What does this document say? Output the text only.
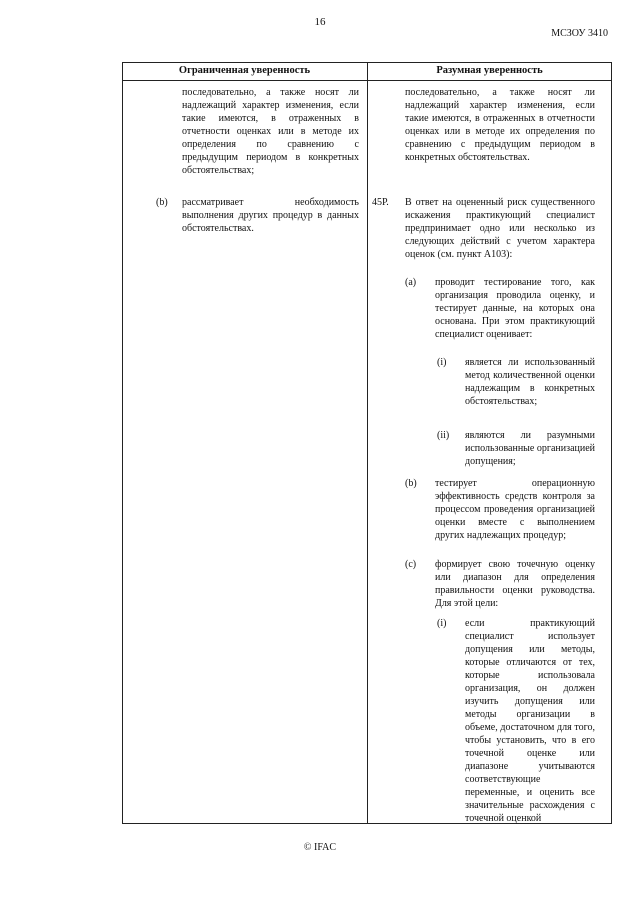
16
МСЗОУ 3410
Ограниченная уверенность	Разумная уверенность
последовательно, а также носят ли надлежащий характер изменения, если такие имеются, в отраженных в отчетности оценках или в методе их определения по сравнению с предыдущим периодом в конкретных обстоятельствах;
(b) рассматривает необходимость выполнения других процедур в данных обстоятельствах.
последовательно, а также носят ли надлежащий характер изменения, если такие имеются, в отраженных в отчетности оценках или в методе их определения по сравнению с предыдущим периодом в конкретных обстоятельствах.
45Р. В ответ на оцененный риск существенного искажения практикующий специалист предпринимает одно или несколько из следующих действий с учетом характера оценок (см. пункт А103):
(a) проводит тестирование того, как организация проводила оценку, и тестирует данные, на которых она основана. При этом практикующий специалист оценивает:
(i) является ли использованный метод количественной оценки надлежащим в конкретных обстоятельствах;
(ii) являются ли разумными использованные организацией допущения;
(b) тестирует операционную эффективность средств контроля за процессом проведения организацией оценки вместе с выполнением других надлежащих процедур;
(c) формирует свою точечную оценку или диапазон для определения правильности оценки руководства. Для этой цели:
(i) если практикующий специалист использует допущения или методы, которые отличаются от тех, которые использовала организация, он должен изучить допущения или методы организации в объеме, достаточном для того, чтобы установить, что в его точечной оценке или диапазоне учитываются соответствующие переменные, и оценить все значительные расхождения с точечной оценкой
© IFAC
